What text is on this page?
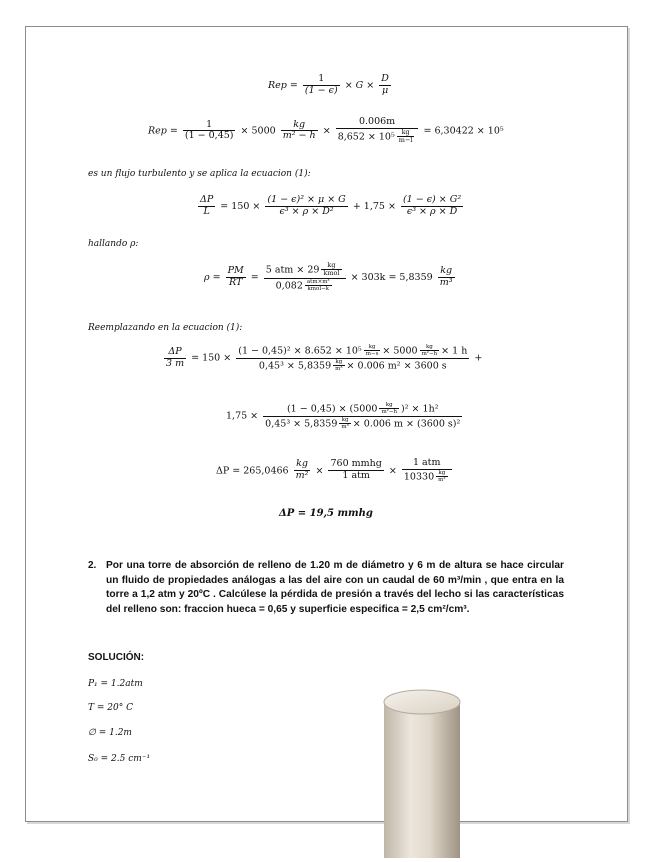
Rep = $\frac{1}{(1 - \epsilon)} \times G \times \frac{D}{\mu}$
Rep = $\frac{1}{(1 - 0,45)} \times 5000 \frac{kg}{\text{m² − h}} \times \frac{0.006m}{8,652 \times 10^5 \frac{kg}{m-l}} = 6,30422 \times 10^5$
es un flujo turbulento y se aplica la ecuacion (1):
$\frac{\Delta P}{L} = 150 \times \frac{\text{(1 − ϵ)² × μ × G}}{\text{ϵ³ × ρ × D²}} + 1,75 \times \frac{\text{(1 − ϵ) × G²}}{\text{ϵ³ × ρ × D}}$
hallando ρ:
$\rho = \frac{PM}{RT} = \frac{5 atm \times 29 \frac{kg}{\text{kmol}}}{0,082 \frac{\text{atm×m³}}{\text{kmol−k}}} \times 303k = 5,8359 \frac{kg}{\text{m³}}$
Reemplazando en la ecuacion (1):
$\frac{\Delta P}{3 m} = 150 \times \frac{(1 - 0,45)^2 \times 8.652 \times 10^5 \frac{kg}{m-s} \times 5000 \frac{kg}{\text{m²−h}} \times 1 h}{0,45^3 \times 5,8359 \frac{kg}{\text{m³}} \times 0.006 m^2 \times 3600 s}$ +
$1,75 \times \frac{(1 - 0,45) \times (5000 \frac{kg}{\text{m²−h}} )^2 \times 1h^2}{0,45^3 \times 5,8359 \frac{kg}{\text{m³}} \times 0.006 m \times (3600 s)^2}$
$\Delta P = 265,0466 \frac{kg}{\text{m²}} \times \frac{\text{760 mmhg}}{\text{1 atm}} \times \frac{\text{1 atm}}{10330 \frac{kg}{\text{m²}}}$
ΔP = 19,5 mmhg
2. Por una torre de absorción de relleno de 1.20 m de diámetro y 6 m de altura se hace circular un fluido de propiedades análogas a las del aire con un caudal de 60 m³/min , que entra en la torre a 1,2 atm y 20ºC . Calcúlese la pérdida de presión a través del lecho si las características del relleno son: fraccion hueca = 0,65 y superficie especifica = 2,5 cm²/cm³.
SOLUCIÓN:
P₁ = 1.2atm
T = 20° C
∅ = 1.2m
S₀ = 2.5 cm⁻¹
